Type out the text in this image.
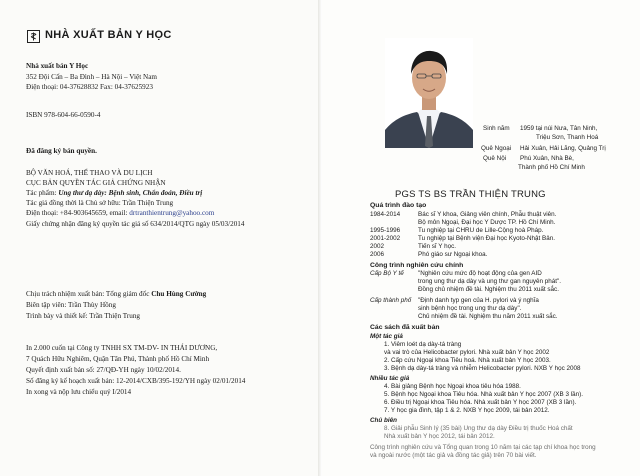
NHÀ XUẤT BẢN Y HỌC
Nhà xuất bản Y Học
352 Đội Cấn – Ba Đình – Hà Nội – Việt Nam
Điện thoại: 04-37628832 Fax: 04-37625923
ISBN 978-604-66-0590-4
Đã đăng ký bản quyền.
BỘ VĂN HOÁ, THỂ THAO VÀ DU LỊCH
CỤC BẢN QUYỀN TÁC GIẢ CHỨNG NHẬN
Tác phẩm: Ung thư dạ dày: Bệnh sinh, Chẩn đoán, Điều trị
Tác giả đồng thời là Chủ sở hữu: Trần Thiện Trung
Điện thoại: +84-903645659, email: drtranthientrung@yahoo.com
Giấy chứng nhận đăng ký quyền tác giả số 634/2014/QTG ngày 05/03/2014
Chịu trách nhiệm xuất bản: Tổng giám đốc Chu Hùng Cường
Biên tập viên: Trần Thùy Hồng
Trình bày và thiết kế: Trần Thiện Trung
In 2.000 cuốn tại Công ty TNHH SX TM-DV- IN THÁI DƯƠNG,
7 Quách Hữu Nghiêm, Quận Tân Phú, Thành phố Hồ Chí Minh
Quyết định xuất bản số: 27/QĐ-YH ngày 10/02/2014.
Số đăng ký kế hoạch xuất bản: 12-2014/CXB/395-192/YH ngày 02/01/2014
In xong và nộp lưu chiểu quý I/2014
Sinh năm 1959 tại núi Nưa, Tân Ninh,
Triệu Sơn, Thanh Hoá
Quê Ngoại Hải Xuân, Hải Lăng, Quảng Trị
Quê Nội Phú Xuân, Nhà Bè,
Thành phố Hồ Chí Minh
PGS TS BS TRẦN THIỆN TRUNG
Quá trình đào tạo
1984-2014	Bác sĩ Y khoa, Giảng viên chính, Phẫu thuật viên.
Bộ môn Ngoại, Đại học Y Dược TP. Hồ Chí Minh.
1995-1996	Tu nghiệp tại CHRU de Lille-Cộng hoà Pháp.
2001-2002	Tu nghiệp tại Bệnh viện Đại học Kyoto-Nhật Bản.
2002	Tiến sĩ Y học.
2006	Phó giáo sư Ngoại khoa.
Công trình nghiên cứu chính
Cấp Bộ Y tế "Nghiên cứu mức độ hoạt động của gen AID
trong ung thư dạ dày và ung thư gan nguyên phát".
Đồng chủ nhiệm đề tài. Nghiệm thu 2011 xuất sắc.
Cấp thành phố "Định danh typ gen của H. pylori và ý nghĩa
sinh bệnh học trong ung thư dạ dày".
Chủ nhiệm đề tài. Nghiệm thu năm 2011 xuất sắc.
Các sách đã xuất bản
Một tác giả
1. Viêm loét dạ dày-tá tràng
và vai trò của Helicobacter pylori. Nhà xuất bản Y học 2002
2. Cấp cứu Ngoại khoa Tiêu hoá. Nhà xuất bản Y học 2003.
3. Bệnh dạ dày-tá tràng và nhiễm Helicobacter pylori. NXB Y học 2008
Nhiều tác giả
4. Bài giảng Bệnh học Ngoại khoa tiêu hóa 1988.
5. Bệnh học Ngoại khoa Tiêu hóa. Nhà xuất bản Y học 2007 (XB 3 lần).
6. Điều trị Ngoại khoa Tiêu hóa. Nhà xuất bản Y học 2007 (XB 3 lần).
7. Y học gia đình, tập 1 & 2. NXB Y học 2009, tái bản 2012.
Chủ biên
8. Giải phẫu Sinh lý (35 bài) Ung thư dạ dày Điều trị thuốc Hoá chất
Nhà xuất bản Y học 2012, tái bản 2012.
Công trình nghiên cứu và Tổng quan trong 10 năm tại các tạp chí khoa học trong
và ngoài nước (một tác giả và đồng tác giả) trên 70 bài viết.
